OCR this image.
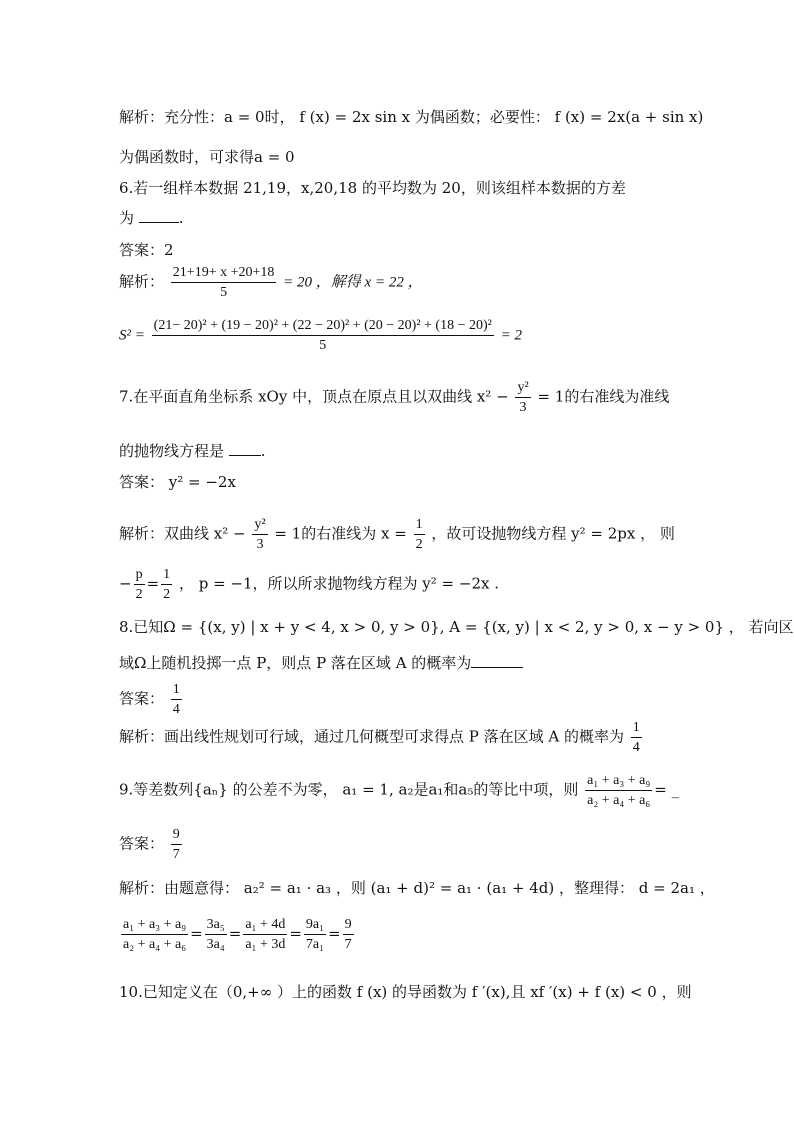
解析：充分性：a = 0时， f (x) = 2x sin x 为偶函数；必要性： f (x) = 2x(a + sin x)
为偶函数时，可求得a = 0
6.若一组样本数据 21,19，x,20,18 的平均数为 20，则该组样本数据的方差
为	.
答案：2
解析： $\frac{21+19+ x +20+18}{5} = 20$ ，解得 x = 22 ，
S² =
(21− 20)² + (19 − 20)² + (22 − 20)² + (20 − 20)² + (18 − 20)²
5
= 2
7.在平面直角坐标系 xOy 中，顶点在原点且以双曲线 $x^2 - \frac{\text{y²}}{3} = 1$的右准线为准线
的抛物线方程是 .
答案： y² = −2x
解析：双曲线 $x^2 - \frac{\text{y²}}{3} = 1$的右准线为 $x = \frac{1}{2}$ ，故可设抛物线方程 y² = 2px ， 则
− $\frac{p}{2} = \frac{1}{2}$ ， p = −1，所以所求抛物线方程为 y² = −2x .
8.已知Ω = {(x, y) | x + y < 4, x > 0, y > 0}, A = {(x, y) | x < 2, y > 0, x − y > 0} ， 若向区
域Ω上随机投掷一点 P，则点 P 落在区域 A 的概率为
答案： $\frac{1}{4}$
解析：画出线性规划可行域，通过几何概型可求得点 P 落在区域 A 的概率为 $\frac{1}{4}$
9.等差数列{aₙ} 的公差不为零， a₁ = 1, a₂是a₁和a₅的等比中项，则 $\frac{\text{a₁ + a₃ + a₉}}{\text{a₂ + a₄ + a₆}}$ = _
答案： $\frac{9}{7}$
解析：由题意得： a₂² = a₁ · a₃ ，则 (a₁ + d)² = a₁ · (a₁ + 4d) ，整理得： d = 2a₁ ，
$\frac{\text{a₁ + a₃ + a₉}}{\text{a₂ + a₄ + a₆}} = \frac{\text{3a₅}}{\text{3a₄}} = \frac{\text{a₁ + 4d}}{\text{a₁ + 3d}} = \frac{\text{9a₁}}{\text{7a₁}} = \frac{9}{7}$
10.已知定义在（0,+∞ ）上的函数 f (x) 的导函数为 f ′(x),且 xf ′(x) + f (x) < 0 ，则
